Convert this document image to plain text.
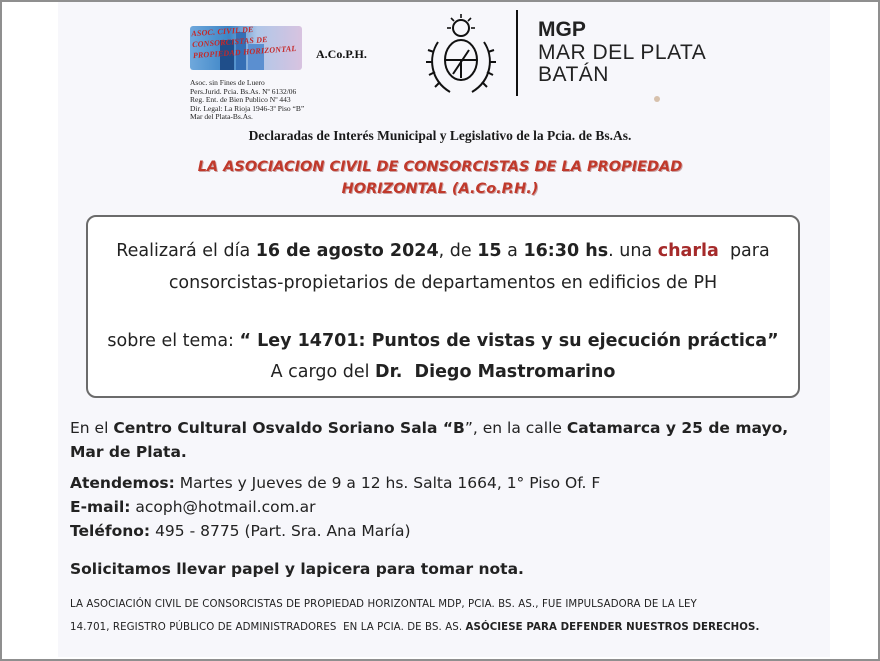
ASOC. CIVIL DE CONSORCISTAS DE PROPIEDAD HORIZONTAL	A.Co.P.H.
Asoc. sin Fines de Luero
Pers.Jurid. Pcia. Bs.As. Nº 6132/06
Reg. Ent. de Bien Publico Nº 443
Dir. Legal: La Rioja 1946-3º Piso “B”
Mar del Plata-Bs.As.
MGP
MAR DEL PLATA
BATÁN
Declaradas de Interés Municipal y Legislativo de la Pcia. de Bs.As.
LA ASOCIACION CIVIL DE CONSORCISTAS DE LA PROPIEDAD
HORIZONTAL (A.Co.P.H.)
Realizará el día 16 de agosto 2024, de 15 a 16:30 hs. una charla  para
consorcistas-propietarios de departamentos en edificios de PH
sobre el tema: “ Ley 14701: Puntos de vistas y su ejecución práctica”
A cargo del Dr.  Diego Mastromarino
En el Centro Cultural Osvaldo Soriano Sala “B”, en la calle Catamarca y 25 de mayo,
Mar de Plata.
Atendemos: Martes y Jueves de 9 a 12 hs. Salta 1664, 1° Piso Of. F
E-mail: acoph@hotmail.com.ar
Teléfono: 495 - 8775 (Part. Sra. Ana María)
Solicitamos llevar papel y lapicera para tomar nota.
LA ASOCIACIÓN CIVIL DE CONSORCISTAS DE PROPIEDAD HORIZONTAL MDP, PCIA. BS. AS., FUE IMPULSADORA DE LA LEY
14.701, REGISTRO PÚBLICO DE ADMINISTRADORES  EN LA PCIA. DE BS. AS. ASÓCIESE PARA DEFENDER NUESTROS DERECHOS.
